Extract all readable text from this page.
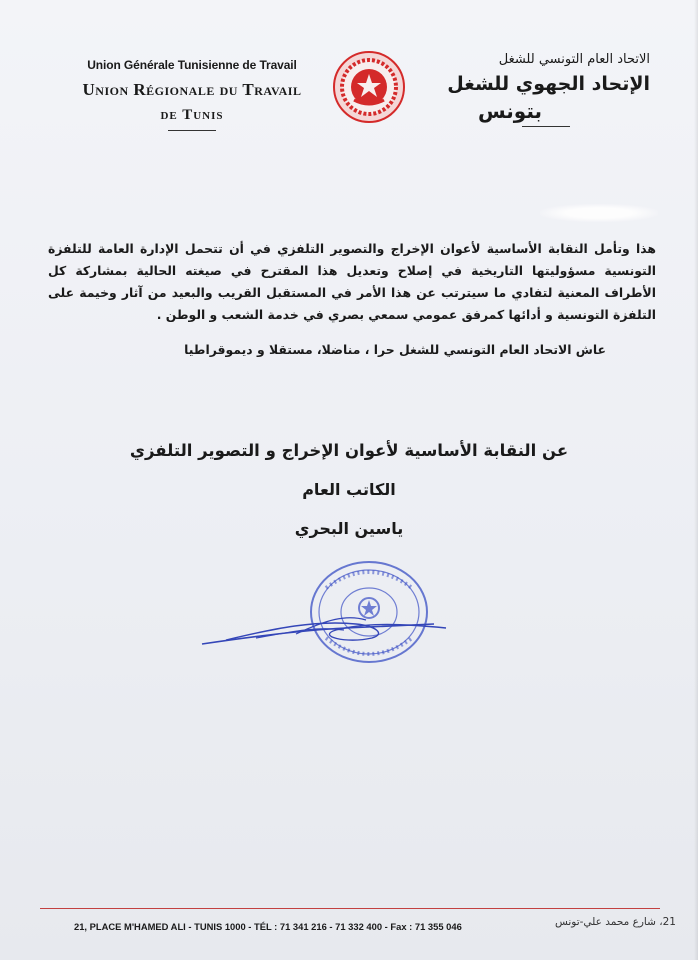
Union Générale Tunisienne de Travail
Union Régionale du Travail
de Tunis
الاتحاد العام التونسي للشغل
الإتحاد الجهوي للشغل
بتونس
هذا وتأمل النقابة الأساسية لأعوان الإخراج والتصوير التلفزي في أن تتحمل الإدارة العامة للتلفزة
التونسية مسؤوليتها التاريخية في إصلاح وتعديل هذا المقترح في صيغته الحالية بمشاركة كل
الأطراف المعنية لتفادي ما سيترتب عن هذا الأمر في المستقبل القريب والبعيد من آثار وخيمة على
التلفزة التونسية و أدائها كمرفق عمومي سمعي بصري في خدمة الشعب و الوطن .
عاش الاتحاد العام التونسي للشغل حرا ، مناضلا، مستقلا و ديموقراطيا
عن النقابة الأساسية لأعوان الإخراج و التصوير التلفزي
الكاتب العام
ياسين البحري
21, PLACE M'HAMED ALI - TUNIS 1000 - TÉL : 71 341 216 - 71 332 400 - Fax : 71 355 046	21، شارع محمد علي-تونس
